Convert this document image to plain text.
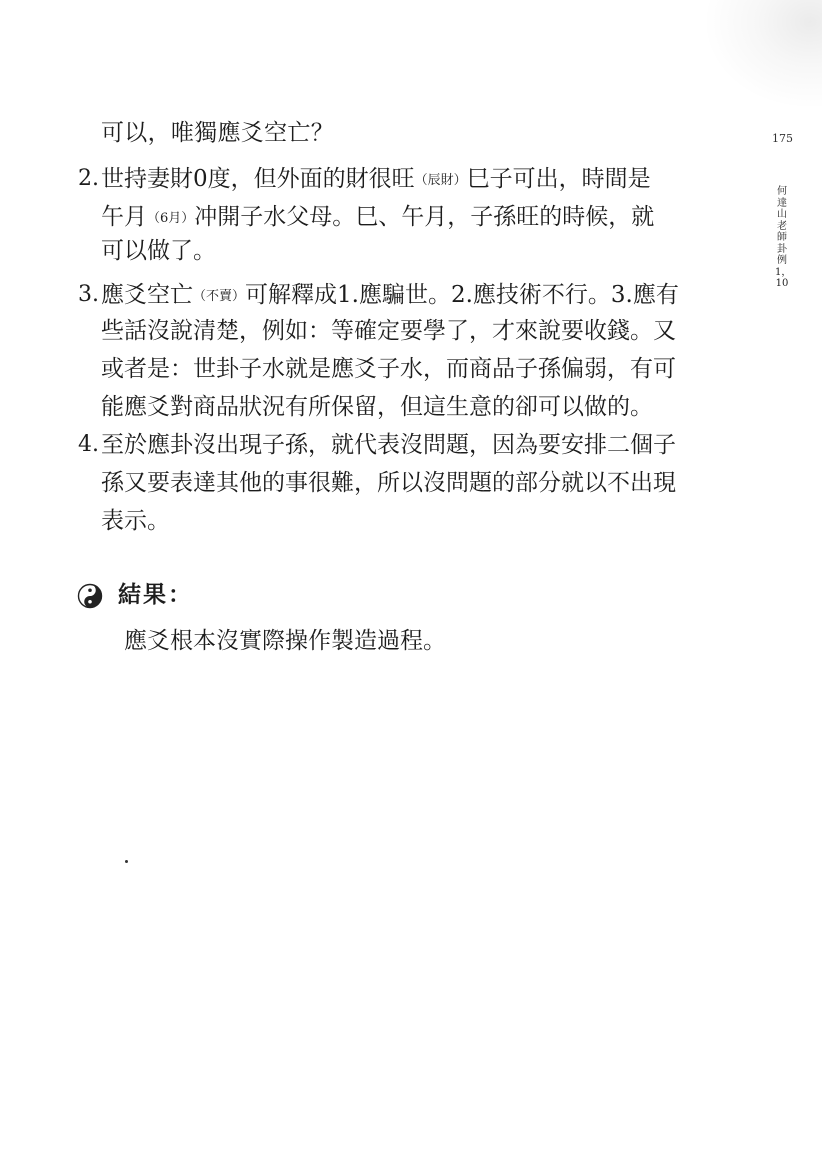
175
何達山老師卦例1，10
可以，唯獨應爻空亡？
2. 世持妻財0度，但外面的財很旺（辰財）巳子可出，時間是
午月（6月）冲開子水父母。巳、午月，子孫旺的時候，就
可以做了。
3. 應爻空亡（不賣）可解釋成1.應騙世。2.應技術不行。3.應有
些話沒說清楚，例如：等確定要學了，才來說要收錢。又
或者是：世卦子水就是應爻子水，而商品子孫偏弱，有可
能應爻對商品狀況有所保留，但這生意的卻可以做的。
4. 至於應卦沒出現子孫，就代表沒問題，因為要安排二個子
孫又要表達其他的事很難，所以沒問題的部分就以不出現
表示。
結果：
應爻根本沒實際操作製造過程。
